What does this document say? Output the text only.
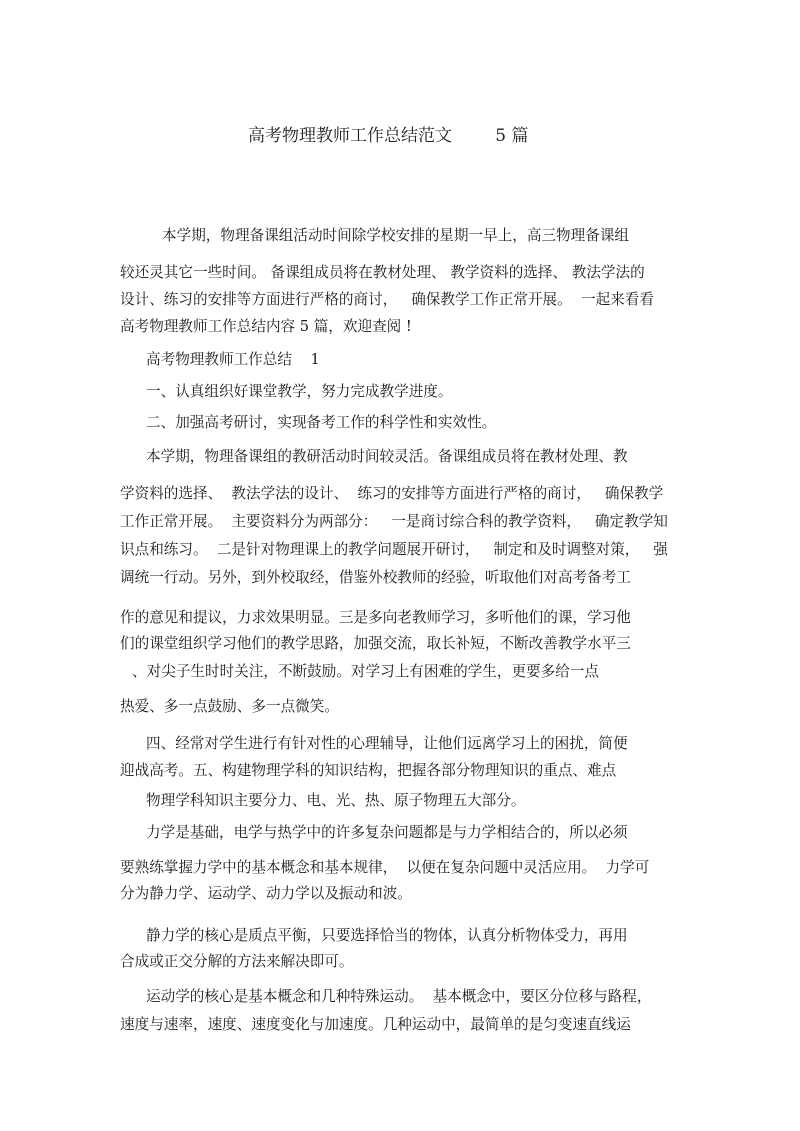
高考物理教师工作总结范文        5 篇
本学期，物理备课组活动时间除学校安排的星期一早上，高三物理备课组
较还灵其它一些时间。 备课组成员将在教材处理、 教学资料的选择、 教法学法的
设计、练习的安排等方面进行严格的商讨，   确保教学工作正常开展。  一起来看看
高考物理教师工作总结内容 5 篇，欢迎查阅 !
高考物理教师工作总结    1
一、认真组织好课堂教学，努力完成教学进度。
二、加强高考研讨，实现备考工作的科学性和实效性。
本学期，物理备课组的教研活动时间较灵活。备课组成员将在教材处理、教
学资料的选择、  教法学法的设计、  练习的安排等方面进行严格的商讨，   确保教学
工作正常开展。  主要资料分为两部分：   一是商讨综合科的教学资料，   确定教学知
识点和练习。  二是针对物理课上的教学问题展开研讨，   制定和及时调整对策，   强
调统一行动。另外，到外校取经，借鉴外校教师的经验，听取他们对高考备考工
作的意见和提议，力求效果明显。三是多向老教师学习，多听他们的课，学习他
们的课堂组织学习他们的教学思路，加强交流，取长补短，不断改善教学水平三
、对尖子生时时关注，不断鼓励。对学习上有困难的学生，更要多给一点
热爱、多一点鼓励、多一点微笑。
四、经常对学生进行有针对性的心理辅导，让他们远离学习上的困扰，简便
迎战高考。五、构建物理学科的知识结构，把握各部分物理知识的重点、难点
物理学科知识主要分力、电、光、热、原子物理五大部分。
力学是基础，电学与热学中的许多复杂问题都是与力学相结合的，所以必须
要熟练掌握力学中的基本概念和基本规律，  以便在复杂问题中灵活应用。  力学可
分为静力学、运动学、动力学以及振动和波。
静力学的核心是质点平衡，只要选择恰当的物体，认真分析物体受力，再用
合成或正交分解的方法来解决即可。
运动学的核心是基本概念和几种特殊运动。  基本概念中，要区分位移与路程，
速度与速率，速度、速度变化与加速度。几种运动中，最简单的是匀变速直线运
